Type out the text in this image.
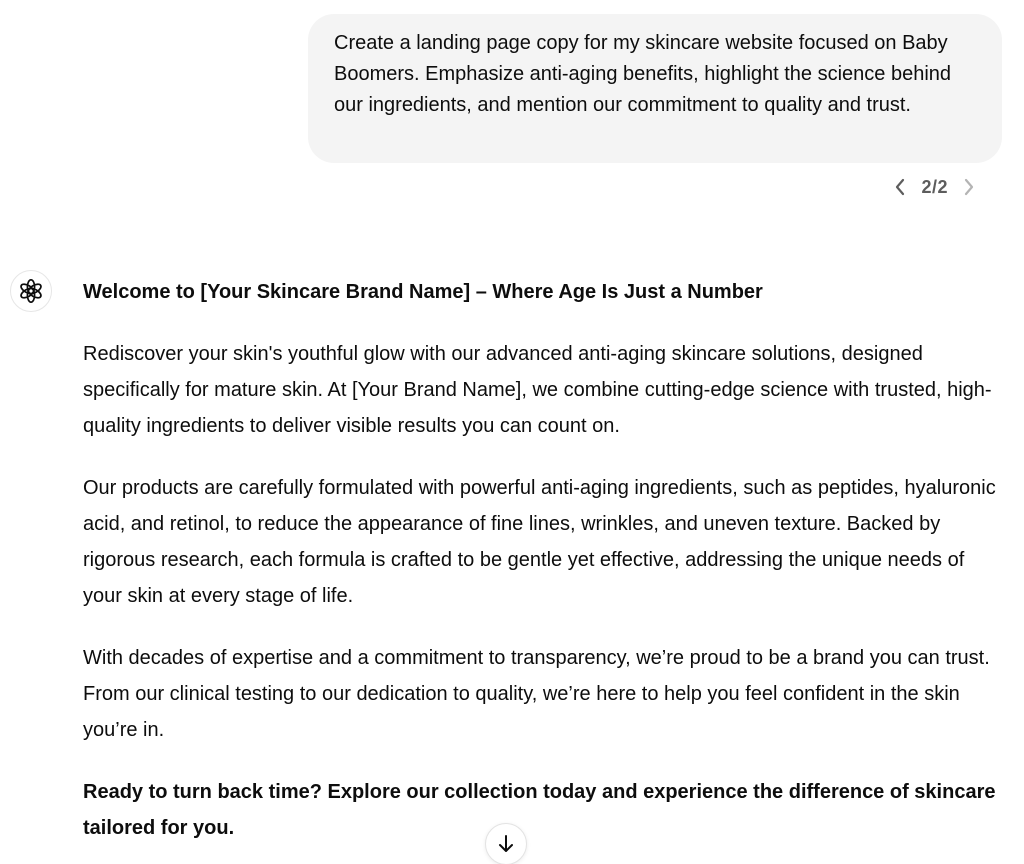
Create a landing page copy for my skincare website focused on Baby Boomers. Emphasize anti-aging benefits, highlight the science behind our ingredients, and mention our commitment to quality and trust.
2/2
Welcome to [Your Skincare Brand Name] – Where Age Is Just a Number

Rediscover your skin's youthful glow with our advanced anti-aging skincare solutions, designed specifically for mature skin. At [Your Brand Name], we combine cutting-edge science with trusted, high-quality ingredients to deliver visible results you can count on.

Our products are carefully formulated with powerful anti-aging ingredients, such as peptides, hyaluronic acid, and retinol, to reduce the appearance of fine lines, wrinkles, and uneven texture. Backed by rigorous research, each formula is crafted to be gentle yet effective, addressing the unique needs of your skin at every stage of life.

With decades of expertise and a commitment to transparency, we’re proud to be a brand you can trust. From our clinical testing to our dedication to quality, we’re here to help you feel confident in the skin you’re in.

Ready to turn back time? Explore our collection today and experience the difference of skincare tailored for you.
